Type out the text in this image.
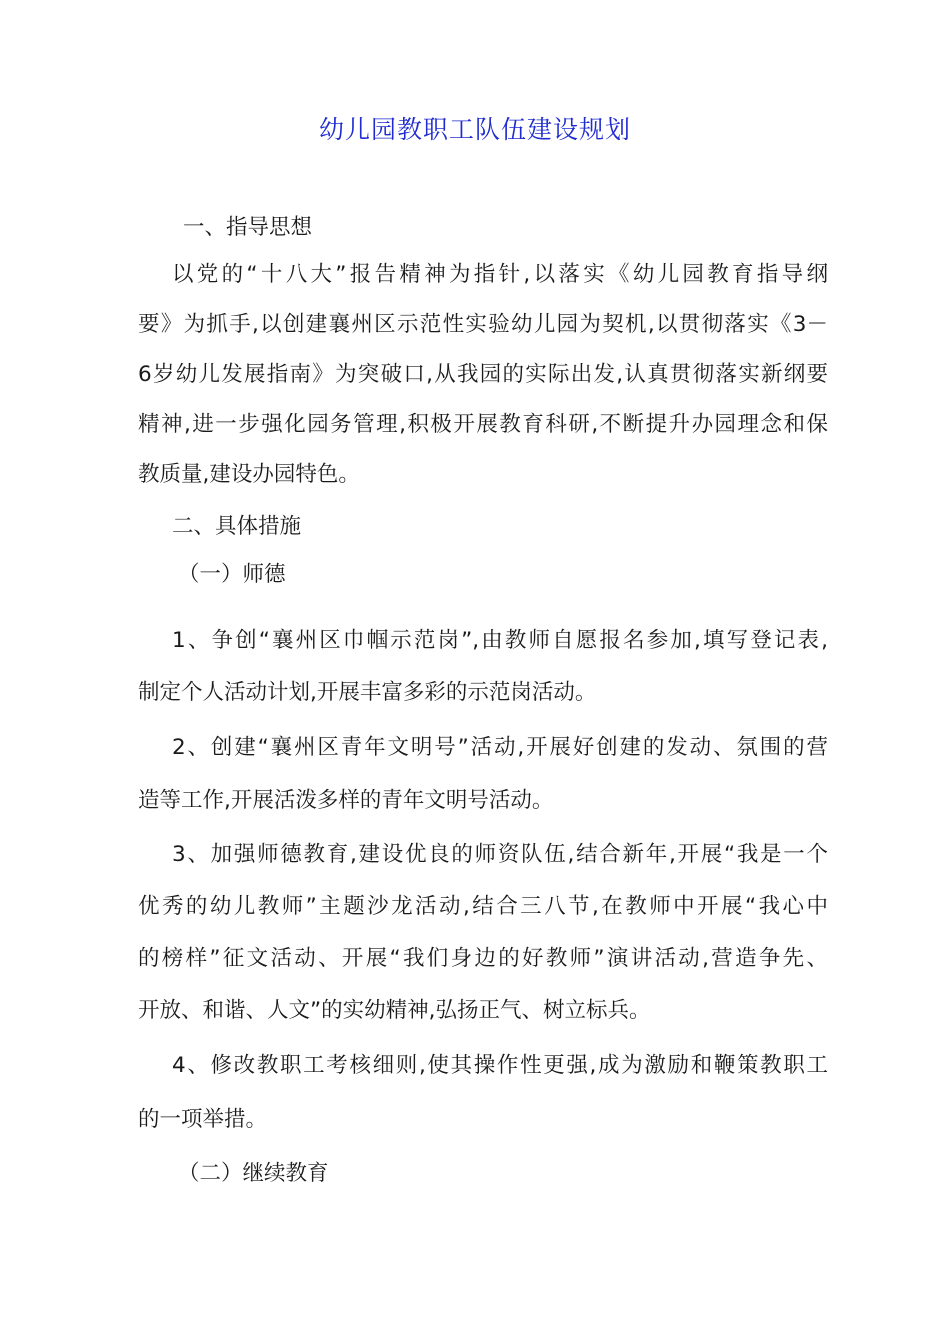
幼儿园教职工队伍建设规划
一、指导思想
以党的“十八大”报告精神为指针,以落实《幼儿园教育指导纲
要》为抓手,以创建襄州区示范性实验幼儿园为契机,以贯彻落实《3－
6岁幼儿发展指南》为突破口,从我园的实际出发,认真贯彻落实新纲要
精神,进一步强化园务管理,积极开展教育科研,不断提升办园理念和保
教质量,建设办园特色。
二、具体措施
（一）师德
1、争创“襄州区巾帼示范岗”,由教师自愿报名参加,填写登记表,
制定个人活动计划,开展丰富多彩的示范岗活动。
2、创建“襄州区青年文明号”活动,开展好创建的发动、氛围的营
造等工作,开展活泼多样的青年文明号活动。
3、加强师德教育,建设优良的师资队伍,结合新年,开展“我是一个
优秀的幼儿教师”主题沙龙活动,结合三八节,在教师中开展“我心中
的榜样”征文活动、开展“我们身边的好教师”演讲活动,营造争先、
开放、和谐、人文”的实幼精神,弘扬正气、树立标兵。
4、修改教职工考核细则,使其操作性更强,成为激励和鞭策教职工
的一项举措。
（二）继续教育
